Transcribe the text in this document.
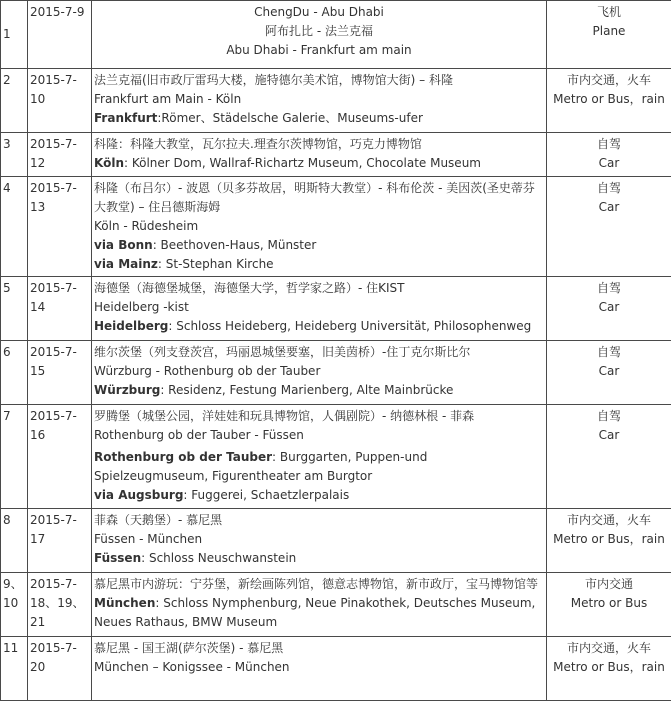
1	2015-7-9	ChengDu - Abu Dhabi
阿布扎比 - 法兰克福
Abu Dhabi - Frankfurt am main	飞机
Plane

2	2015-7-10	法兰克福(旧市政厅雷玛大楼，施特德尔美术馆，博物馆大街) – 科隆
Frankfurt am Main - Köln
Frankfurt:Römer、Städelsche Galerie、Museums-ufer	市内交通，火车
Metro or Bus，rain

3	2015-7-12	科隆：科隆大教堂，瓦尔拉夫.理查尔茨博物馆，巧克力博物馆
Köln: Kölner Dom, Wallraf-Richartz Museum, Chocolate Museum	自驾
Car

4	2015-7-13	科隆（布吕尔）- 波恩（贝多芬故居，明斯特大教堂）- 科布伦茨 - 美因茨(圣史蒂芬大教堂) – 住吕德斯海姆
Köln - Rüdesheim
via Bonn: Beethoven-Haus, Münster
via Mainz: St-Stephan Kirche	自驾
Car

5	2015-7-14	海德堡（海德堡城堡，海德堡大学，哲学家之路）- 住KIST
Heidelberg -kist
Heidelberg: Schloss Heideberg, Heideberg Universität, Philosophenweg	自驾
Car

6	2015-7-15	维尔茨堡（列支登茨宫，玛丽恩城堡要塞，旧美茵桥）-住丁克尔斯比尔
Würzburg - Rothenburg ob der Tauber
Würzburg: Residenz, Festung Marienberg, Alte Mainbrücke	自驾
Car

7	2015-7-16	罗腾堡（城堡公园，洋娃娃和玩具博物馆，人偶剧院）- 纳德林根 - 菲森
Rothenburg ob der Tauber - Füssen
Rothenburg ob der Tauber: Burggarten, Puppen-und Spielzeugmuseum, Figurentheater am Burgtor
via Augsburg: Fuggerei, Schaetzlerpalais	自驾
Car

8	2015-7-17	菲森（天鹅堡）- 慕尼黑
Füssen - München
Füssen: Schloss Neuschwanstein	市内交通，火车
Metro or Bus，rain

9、10	2015-7-18、19、21	慕尼黑市内游玩：宁芬堡，新绘画陈列馆，德意志博物馆，新市政厅，宝马博物馆等
München: Schloss Nymphenburg, Neue Pinakothek, Deutsches Museum, Neues Rathaus, BMW Museum	市内交通
Metro or Bus

11	2015-7-20	慕尼黑 - 国王湖(萨尔茨堡) - 慕尼黑
München – Konigssee - München	市内交通，火车
Metro or Bus，rain
